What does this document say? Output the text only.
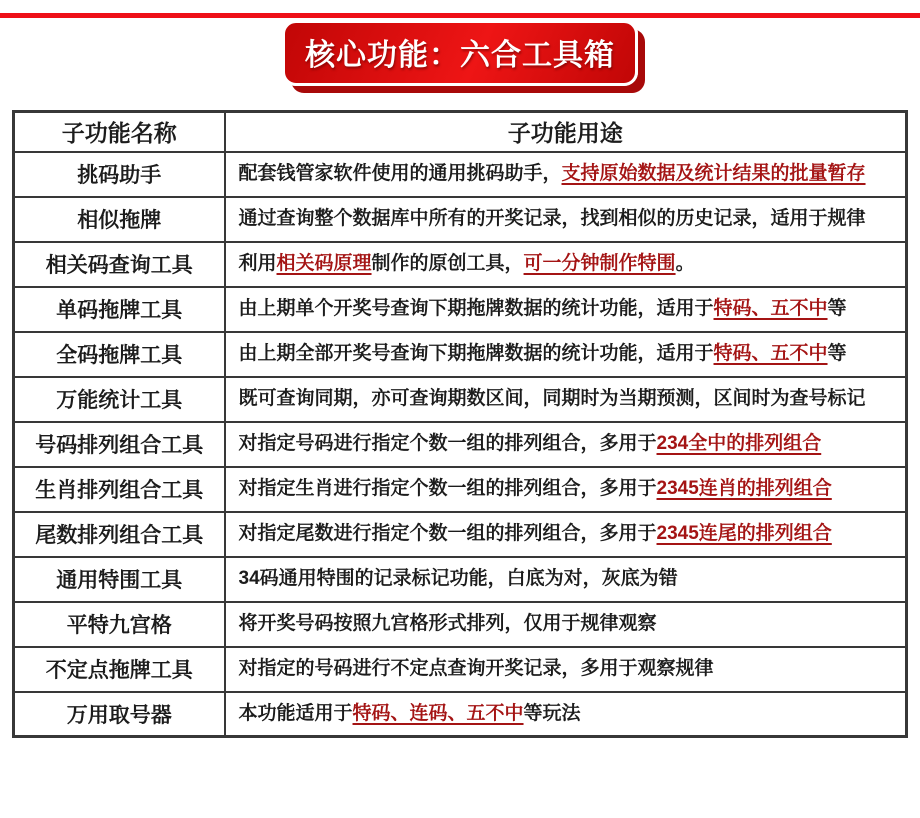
核心功能：六合工具箱
子功能名称	子功能用途
挑码助手	配套钱管家软件使用的通用挑码助手，支持原始数据及统计结果的批量暂存
相似拖牌	通过查询整个数据库中所有的开奖记录，找到相似的历史记录，适用于规律
相关码查询工具	利用相关码原理制作的原创工具，可一分钟制作特围。
单码拖牌工具	由上期单个开奖号查询下期拖牌数据的统计功能，适用于特码、五不中等
全码拖牌工具	由上期全部开奖号查询下期拖牌数据的统计功能，适用于特码、五不中等
万能统计工具	既可查询同期，亦可查询期数区间，同期时为当期预测，区间时为查号标记
号码排列组合工具	对指定号码进行指定个数一组的排列组合，多用于234全中的排列组合
生肖排列组合工具	对指定生肖进行指定个数一组的排列组合，多用于2345连肖的排列组合
尾数排列组合工具	对指定尾数进行指定个数一组的排列组合，多用于2345连尾的排列组合
通用特围工具	34码通用特围的记录标记功能，白底为对，灰底为错
平特九宫格	将开奖号码按照九宫格形式排列，仅用于规律观察
不定点拖牌工具	对指定的号码进行不定点查询开奖记录，多用于观察规律
万用取号器	本功能适用于特码、连码、五不中等玩法
